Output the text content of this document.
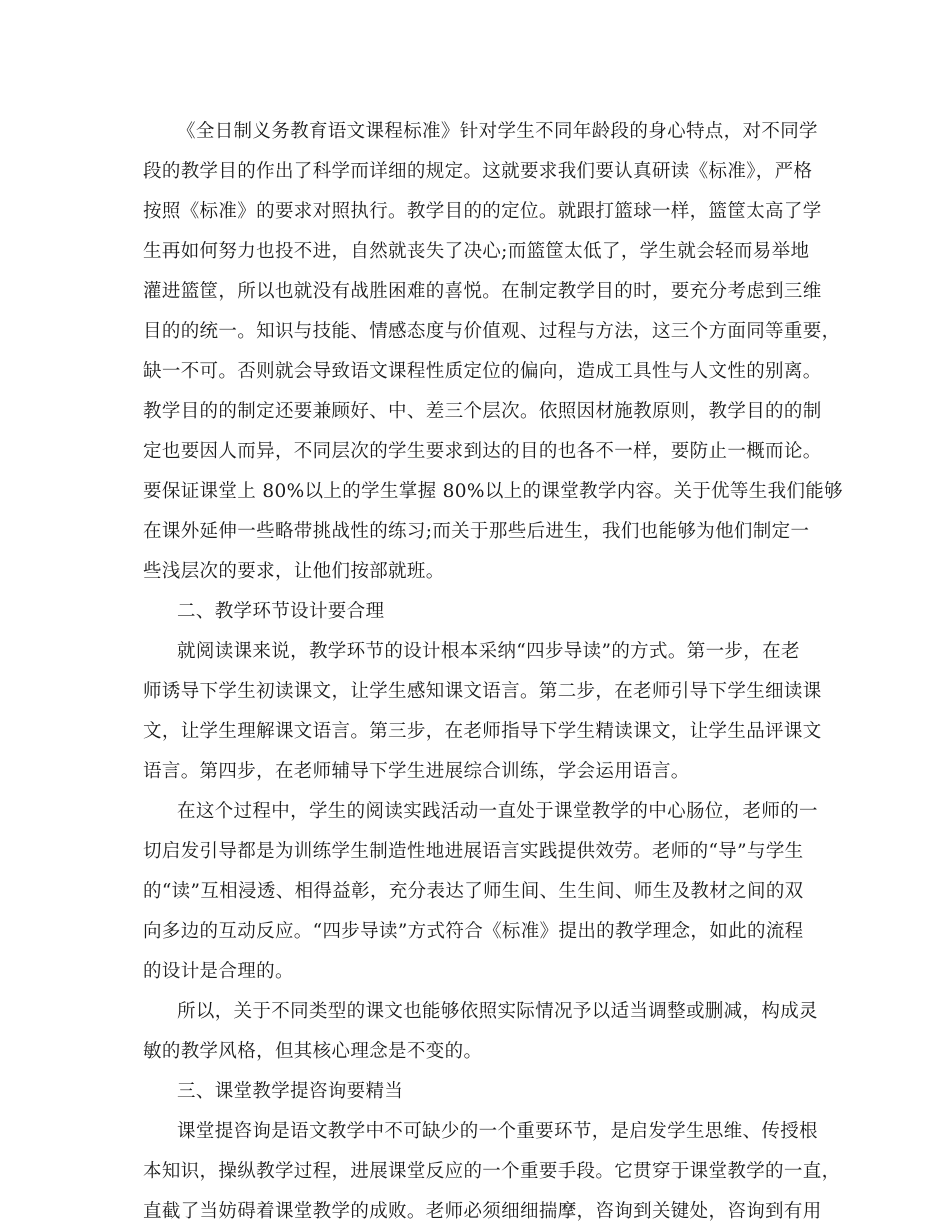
《全日制义务教育语文课程标准》针对学生不同年龄段的身心特点，对不同学
段的教学目的作出了科学而详细的规定。这就要求我们要认真研读《标准》，严格
按照《标准》的要求对照执行。教学目的的定位。就跟打篮球一样，篮筐太高了学
生再如何努力也投不进，自然就丧失了决心;而篮筐太低了，学生就会轻而易举地
灌进篮筐，所以也就没有战胜困难的喜悦。在制定教学目的时，要充分考虑到三维
目的的统一。知识与技能、情感态度与价值观、过程与方法，这三个方面同等重要，
缺一不可。否则就会导致语文课程性质定位的偏向，造成工具性与人文性的别离。
教学目的的制定还要兼顾好、中、差三个层次。依照因材施教原则，教学目的的制
定也要因人而异，不同层次的学生要求到达的目的也各不一样，要防止一概而论。
要保证课堂上 80%以上的学生掌握 80%以上的课堂教学内容。关于优等生我们能够
在课外延伸一些略带挑战性的练习;而关于那些后进生，我们也能够为他们制定一
些浅层次的要求，让他们按部就班。
二、教学环节设计要合理
就阅读课来说，教学环节的设计根本采纳“四步导读”的方式。第一步，在老
师诱导下学生初读课文，让学生感知课文语言。第二步，在老师引导下学生细读课
文，让学生理解课文语言。第三步，在老师指导下学生精读课文，让学生品评课文
语言。第四步，在老师辅导下学生进展综合训练，学会运用语言。
在这个过程中，学生的阅读实践活动一直处于课堂教学的中心肠位，老师的一
切启发引导都是为训练学生制造性地进展语言实践提供效劳。老师的“导”与学生
的“读”互相浸透、相得益彰，充分表达了师生间、生生间、师生及教材之间的双
向多边的互动反应。“四步导读”方式符合《标准》提出的教学理念，如此的流程
的设计是合理的。
所以，关于不同类型的课文也能够依照实际情况予以适当调整或删减，构成灵
敏的教学风格，但其核心理念是不变的。
三、课堂教学提咨询要精当
课堂提咨询是语文教学中不可缺少的一个重要环节，是启发学生思维、传授根
本知识，操纵教学过程，进展课堂反应的一个重要手段。它贯穿于课堂教学的一直，
直截了当妨碍着课堂教学的成败。老师必须细细揣摩，咨询到关键处，咨询到有用
